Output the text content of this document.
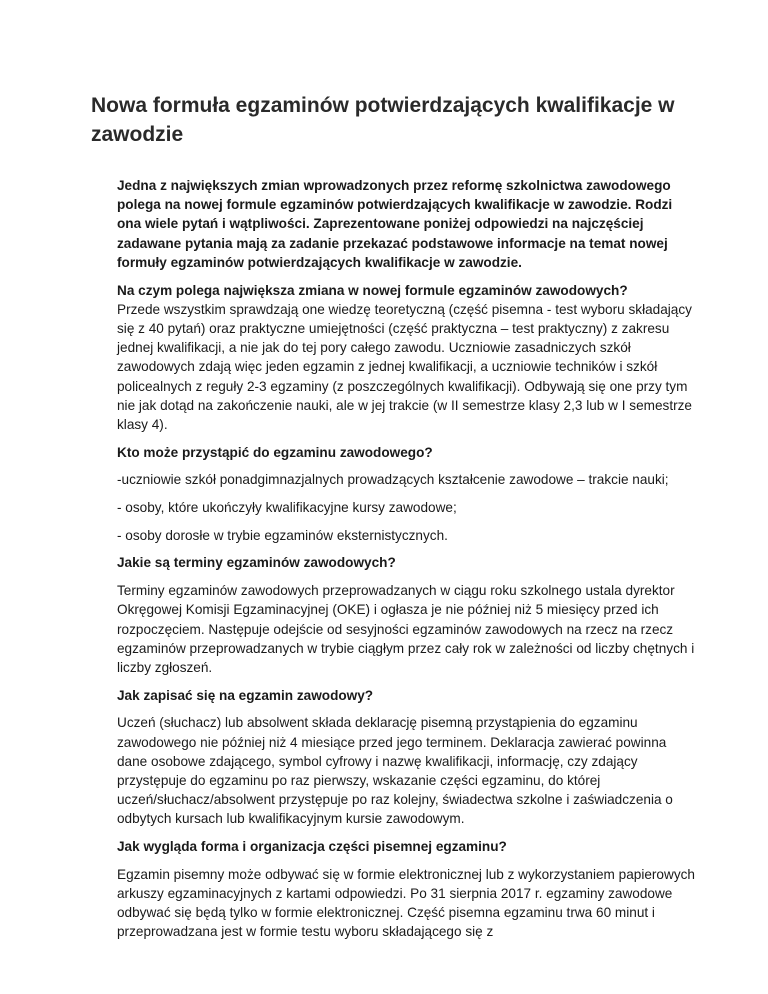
Nowa formuła egzaminów potwierdzających kwalifikacje w zawodzie

Jedna z największych zmian wprowadzonych przez reformę szkolnictwa zawodowego polega na nowej formule egzaminów potwierdzających kwalifikacje w zawodzie. Rodzi ona wiele pytań i wątpliwości. Zaprezentowane poniżej odpowiedzi na najczęściej zadawane pytania mają za zadanie przekazać podstawowe informacje na temat nowej formuły egzaminów potwierdzających kwalifikacje w zawodzie.

Na czym polega największa zmiana w nowej formule egzaminów zawodowych?
Przede wszystkim sprawdzają one wiedzę teoretyczną (część pisemna - test wyboru składający się z 40 pytań) oraz praktyczne umiejętności (część praktyczna – test praktyczny) z zakresu jednej kwalifikacji, a nie jak do tej pory całego zawodu. Uczniowie zasadniczych szkół zawodowych zdają więc jeden egzamin z jednej kwalifikacji, a uczniowie techników i szkół policealnych z reguły 2-3 egzaminy (z poszczególnych kwalifikacji). Odbywają się one przy tym nie jak dotąd na zakończenie nauki, ale w jej trakcie (w II semestrze klasy 2,3 lub w I semestrze klasy 4).

Kto może przystąpić do egzaminu zawodowego?

-uczniowie szkół ponadgimnazjalnych prowadzących kształcenie zawodowe – trakcie nauki;

- osoby, które ukończyły kwalifikacyjne kursy zawodowe;

- osoby dorosłe w trybie egzaminów eksternistycznych.

Jakie są terminy egzaminów zawodowych?

Terminy egzaminów zawodowych przeprowadzanych w ciągu roku szkolnego ustala dyrektor Okręgowej Komisji Egzaminacyjnej (OKE) i ogłasza je nie później niż 5 miesięcy przed ich rozpoczęciem. Następuje odejście od sesyjności egzaminów zawodowych na rzecz na rzecz egzaminów przeprowadzanych w trybie ciągłym przez cały rok w zależności od liczby chętnych i liczby zgłoszeń.

Jak zapisać się na egzamin zawodowy?

Uczeń (słuchacz) lub absolwent składa deklarację pisemną przystąpienia do egzaminu zawodowego nie później niż 4 miesiące przed jego terminem. Deklaracja zawierać powinna dane osobowe zdającego, symbol cyfrowy i nazwę kwalifikacji, informację, czy zdający przystępuje do egzaminu po raz pierwszy, wskazanie części egzaminu, do której uczeń/słuchacz/absolwent przystępuje po raz kolejny, świadectwa szkolne i zaświadczenia o odbytych kursach lub kwalifikacyjnym kursie zawodowym.

Jak wygląda forma i organizacja części pisemnej egzaminu?

Egzamin pisemny może odbywać się w formie elektronicznej lub z wykorzystaniem papierowych arkuszy egzaminacyjnych z kartami odpowiedzi. Po 31 sierpnia 2017 r. egzaminy zawodowe odbywać się będą tylko w formie elektronicznej. Część pisemna egzaminu trwa 60 minut i przeprowadzana jest w formie testu wyboru składającego się z
